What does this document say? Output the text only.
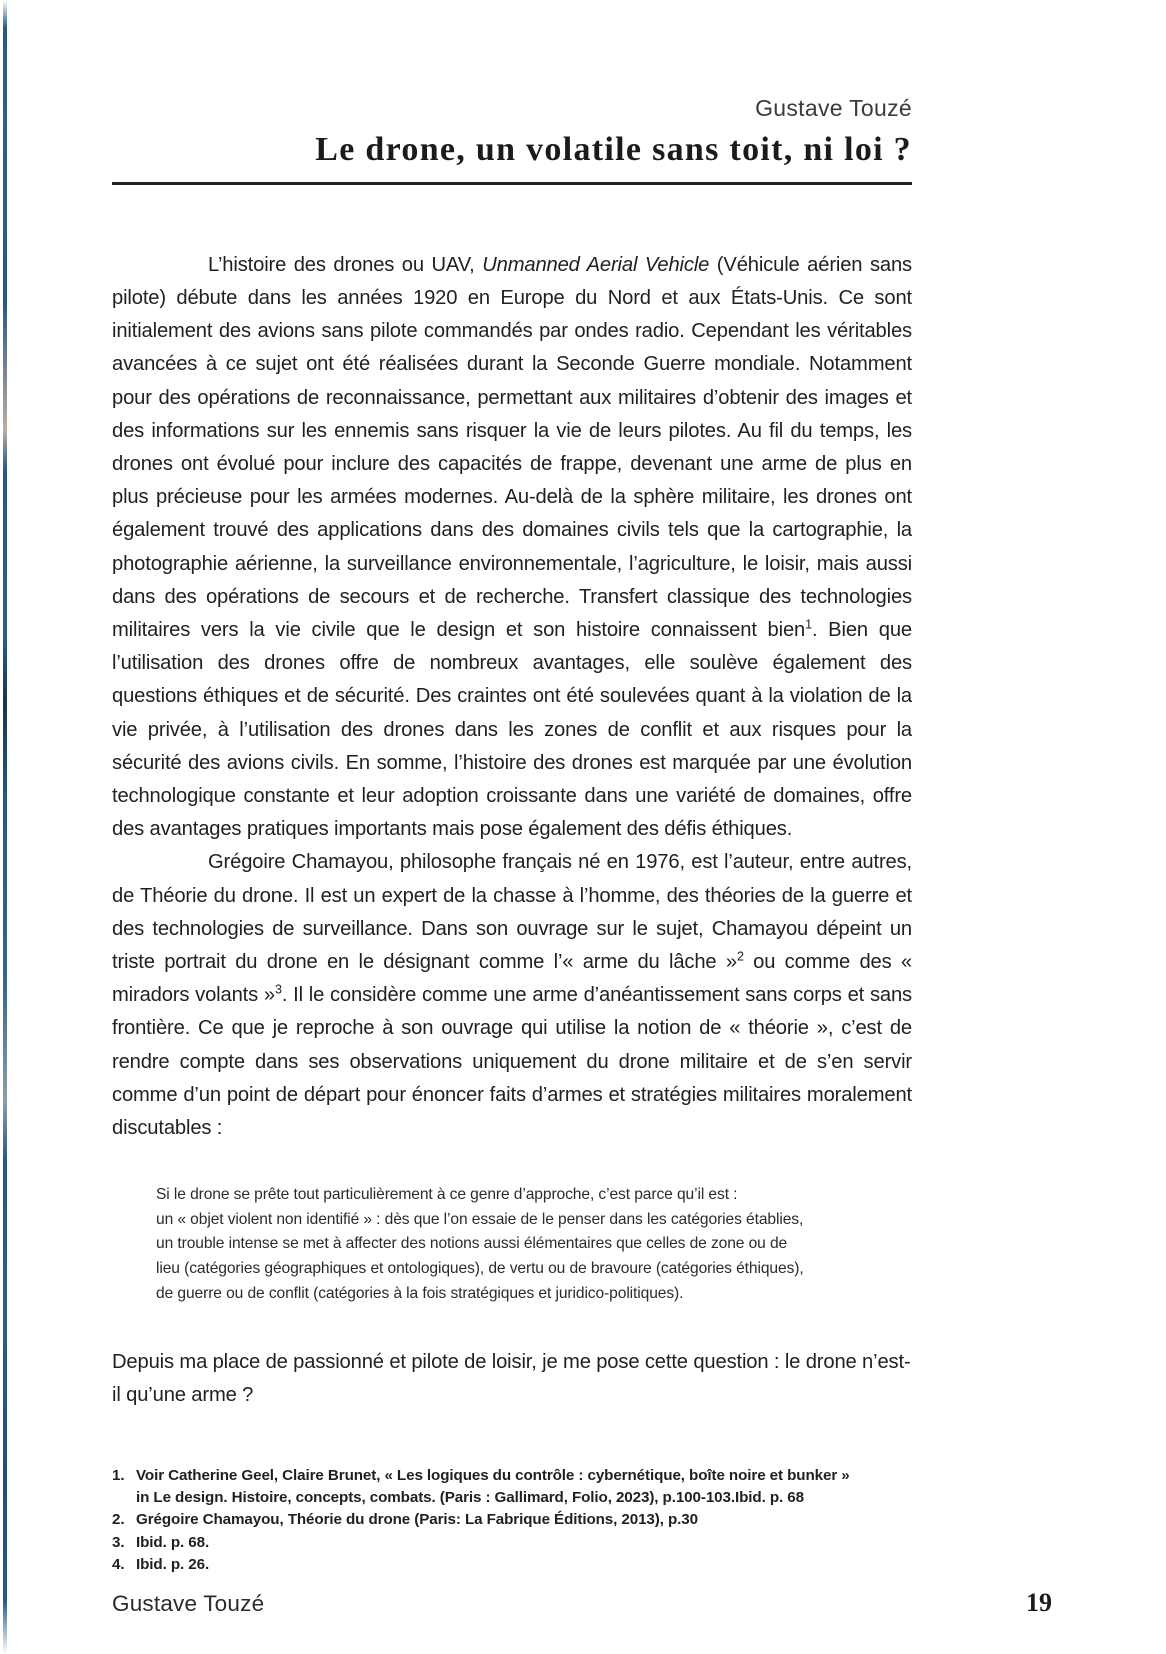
Gustave Touzé
Le drone, un volatile sans toit, ni loi ?

L’histoire des drones ou UAV, Unmanned Aerial Vehicle (Véhicule aérien sans pilote) débute dans les années 1920 en Europe du Nord et aux États-Unis. Ce sont initialement des avions sans pilote commandés par ondes radio. Cependant les véritables avancées à ce sujet ont été réalisées durant la Seconde Guerre mondiale. Notamment pour des opérations de reconnaissance, permettant aux militaires d’obtenir des images et des informations sur les ennemis sans risquer la vie de leurs pilotes. Au fil du temps, les drones ont évolué pour inclure des capacités de frappe, devenant une arme de plus en plus précieuse pour les armées modernes. Au-delà de la sphère militaire, les drones ont également trouvé des applications dans des domaines civils tels que la cartographie, la photographie aérienne, la surveillance environnementale, l’agriculture, le loisir, mais aussi dans des opérations de secours et de recherche. Transfert classique des technologies militaires vers la vie civile que le design et son histoire connaissent bien$^1$. Bien que l’utilisation des drones offre de nombreux avantages, elle soulève également des questions éthiques et de sécurité. Des craintes ont été soulevées quant à la violation de la vie privée, à l’utilisation des drones dans les zones de conflit et aux risques pour la sécurité des avions civils. En somme, l’histoire des drones est marquée par une évolution technologique constante et leur adoption croissante dans une variété de domaines, offre des avantages pratiques importants mais pose également des défis éthiques.

Grégoire Chamayou, philosophe français né en 1976, est l’auteur, entre autres, de Théorie du drone. Il est un expert de la chasse à l’homme, des théories de la guerre et des technologies de surveillance. Dans son ouvrage sur le sujet, Chamayou dépeint un triste portrait du drone en le désignant comme l’« arme du lâche »$^2$ ou comme des « miradors volants »$^3$. Il le considère comme une arme d’anéantissement sans corps et sans frontière. Ce que je reproche à son ouvrage qui utilise la notion de « théorie », c’est de rendre compte dans ses observations uniquement du drone militaire et de s’en servir comme d’un point de départ pour énoncer faits d’armes et stratégies militaires moralement discutables :

Si le drone se prête tout particulièrement à ce genre d’approche, c’est parce qu’il est :

un « objet violent non identifié » : dès que l’on essaie de le penser dans les catégories établies,

un trouble intense se met à affecter des notions aussi élémentaires que celles de zone ou de

lieu (catégories géographiques et ontologiques), de vertu ou de bravoure (catégories éthiques),

de guerre ou de conflit (catégories à la fois stratégiques et juridico-politiques).

Depuis ma place de passionné et pilote de loisir, je me pose cette question : le drone n’est-il qu’une arme ?

1. Voir Catherine Geel, Claire Brunet, « Les logiques du contrôle : cybernétique, boîte noire et bunker »
in Le design. Histoire, concepts, combats. (Paris : Gallimard, Folio, 2023), p.100-103.Ibid. p. 68
2. Grégoire Chamayou, Théorie du drone (Paris: La Fabrique Éditions, 2013), p.30
3. Ibid. p. 68.
4. Ibid. p. 26.
Gustave Touzé	19
